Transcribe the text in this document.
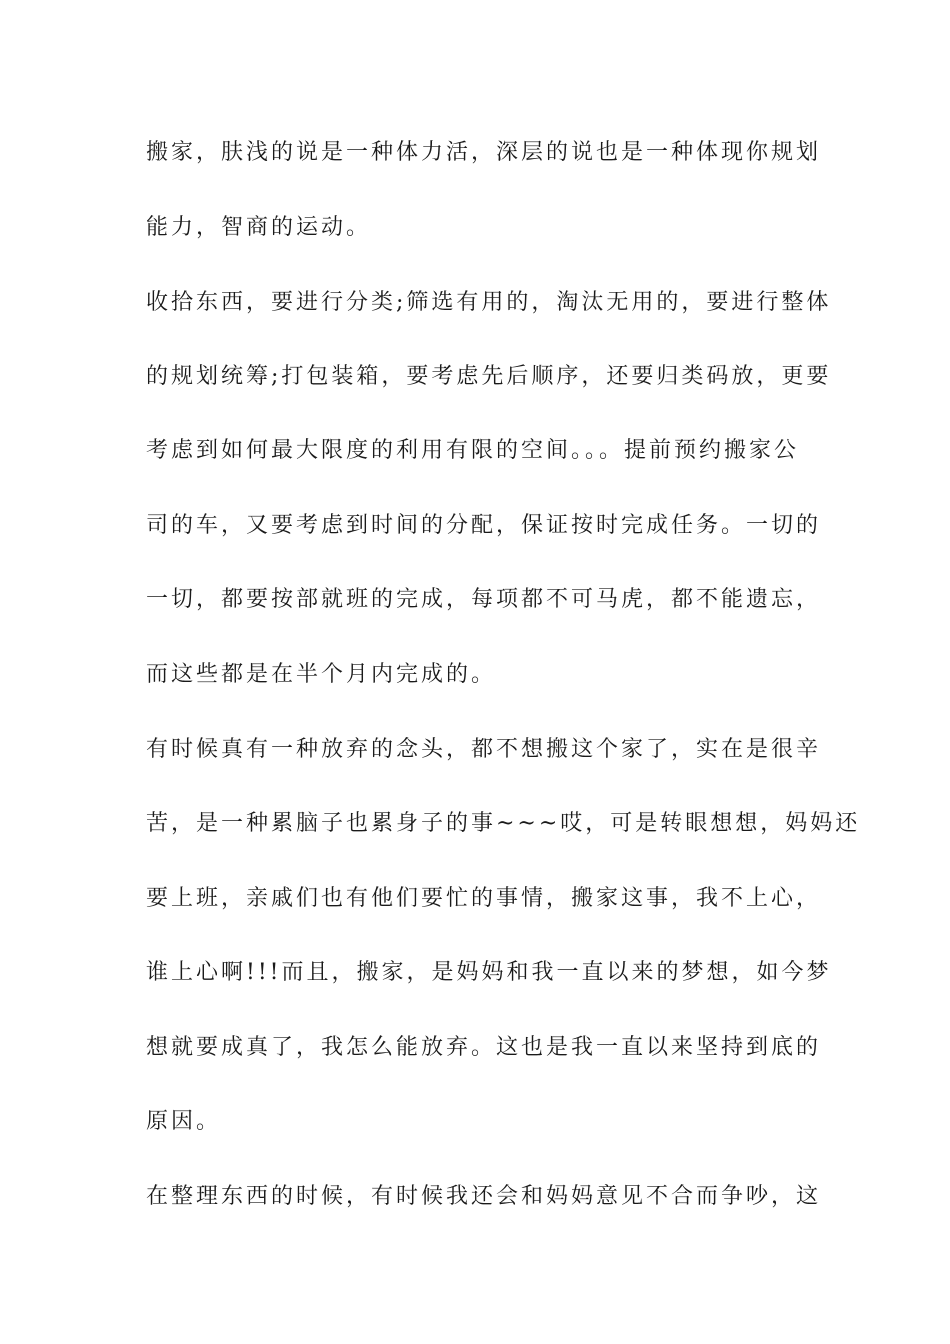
搬家，肤浅的说是一种体力活，深层的说也是一种体现你规划
能力，智商的运动。
收拾东西，要进行分类;筛选有用的，淘汰无用的，要进行整体
的规划统筹;打包装箱，要考虑先后顺序，还要归类码放，更要
考虑到如何最大限度的利用有限的空间。。。提前预约搬家公
司的车，又要考虑到时间的分配，保证按时完成任务。一切的
一切，都要按部就班的完成，每项都不可马虎，都不能遗忘，
而这些都是在半个月内完成的。
有时候真有一种放弃的念头，都不想搬这个家了，实在是很辛
苦，是一种累脑子也累身子的事~~~哎，可是转眼想想，妈妈还
要上班，亲戚们也有他们要忙的事情，搬家这事，我不上心，
谁上心啊!!!而且，搬家，是妈妈和我一直以来的梦想，如今梦
想就要成真了，我怎么能放弃。这也是我一直以来坚持到底的
原因。
在整理东西的时候，有时候我还会和妈妈意见不合而争吵，这
